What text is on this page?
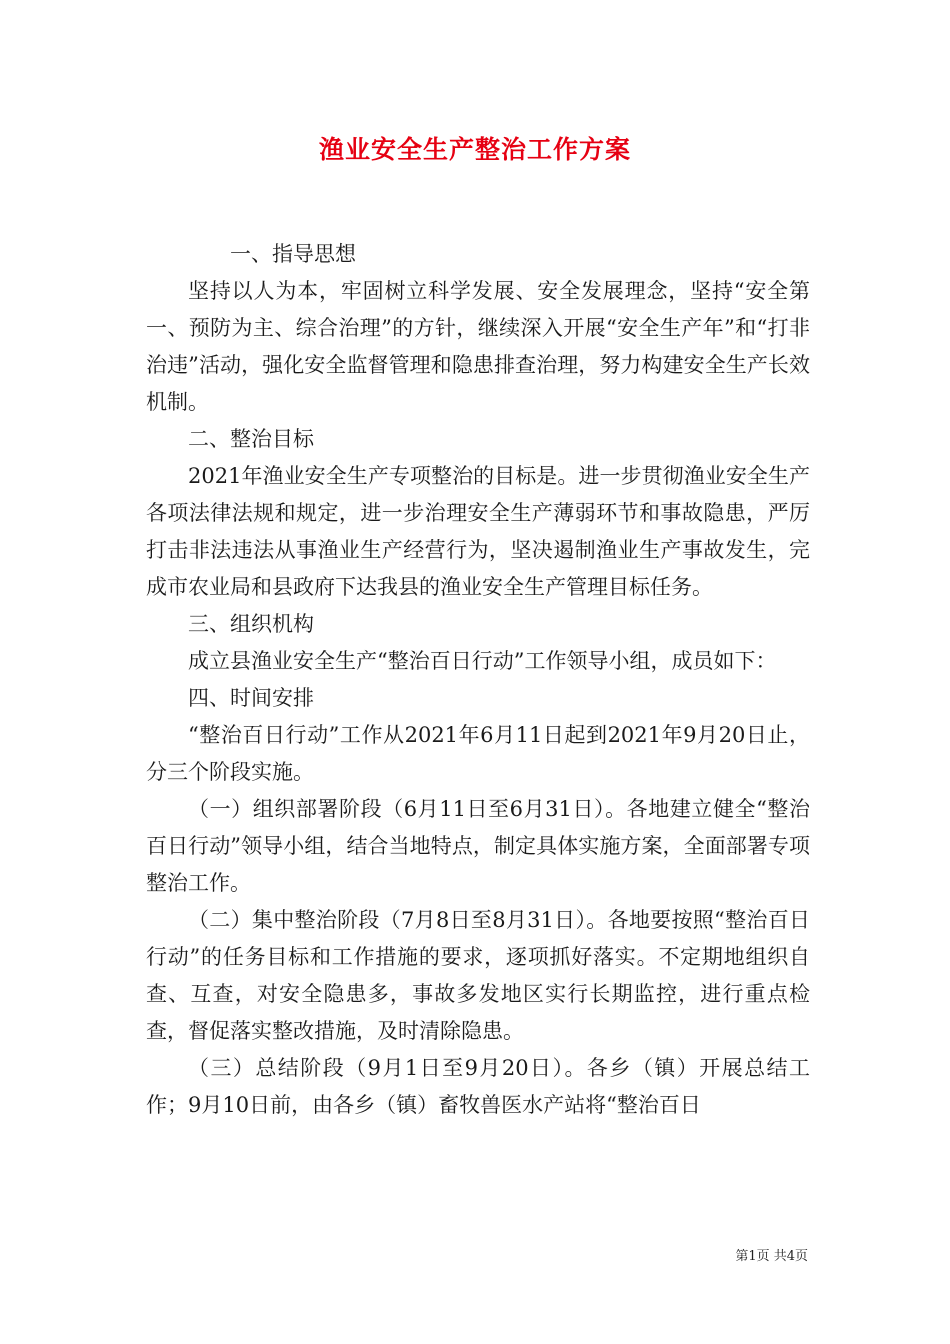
渔业安全生产整治工作方案

一、指导思想

坚持以人为本，牢固树立科学发展、安全发展理念，坚持“安全第一、预防为主、综合治理”的方针，继续深入开展“安全生产年”和“打非治违”活动，强化安全监督管理和隐患排查治理，努力构建安全生产长效机制。

二、整治目标

2021年渔业安全生产专项整治的目标是。进一步贯彻渔业安全生产各项法律法规和规定，进一步治理安全生产薄弱环节和事故隐患，严厉打击非法违法从事渔业生产经营行为，坚决遏制渔业生产事故发生，完成市农业局和县政府下达我县的渔业安全生产管理目标任务。

三、组织机构

成立县渔业安全生产“整治百日行动”工作领导小组，成员如下：

四、时间安排

“整治百日行动”工作从2021年6月11日起到2021年9月20日止，分三个阶段实施。

（一）组织部署阶段（6月11日至6月31日）。各地建立健全“整治百日行动”领导小组，结合当地特点，制定具体实施方案，全面部署专项整治工作。

（二）集中整治阶段（7月8日至8月31日）。各地要按照“整治百日行动”的任务目标和工作措施的要求，逐项抓好落实。不定期地组织自查、互查，对安全隐患多，事故多发地区实行长期监控，进行重点检查，督促落实整改措施，及时清除隐患。

（三）总结阶段（9月1日至9月20日）。各乡（镇）开展总结工作；9月10日前，由各乡（镇）畜牧兽医水产站将“整治百日

第1页 共4页
